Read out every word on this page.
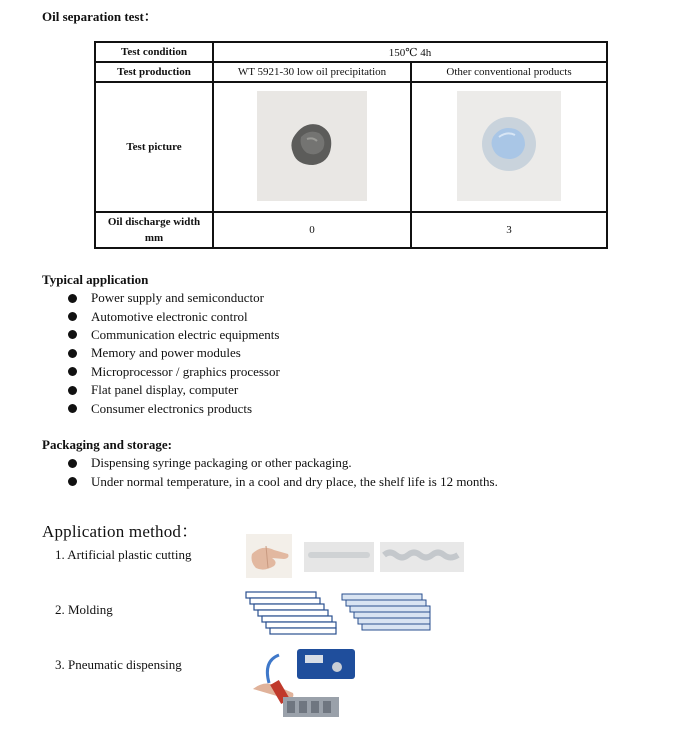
Oil separation test：
Test condition	150℃ 4h	
Test production	WT 5921-30 low oil precipitation	Other conventional products
Test picture		

Oil discharge width
mm	0	3
Typical application
Power supply and semiconductor
Automotive electronic control
Communication electric equipments
Memory and power modules
Microprocessor / graphics processor
Flat panel display, computer
Consumer electronics products
Packaging and storage:
Dispensing syringe packaging or other packaging.
Under normal temperature, in a cool and dry place, the shelf life is 12 months.
Application method：
1. Artificial plastic cutting
2. Molding
3. Pneumatic dispensing
